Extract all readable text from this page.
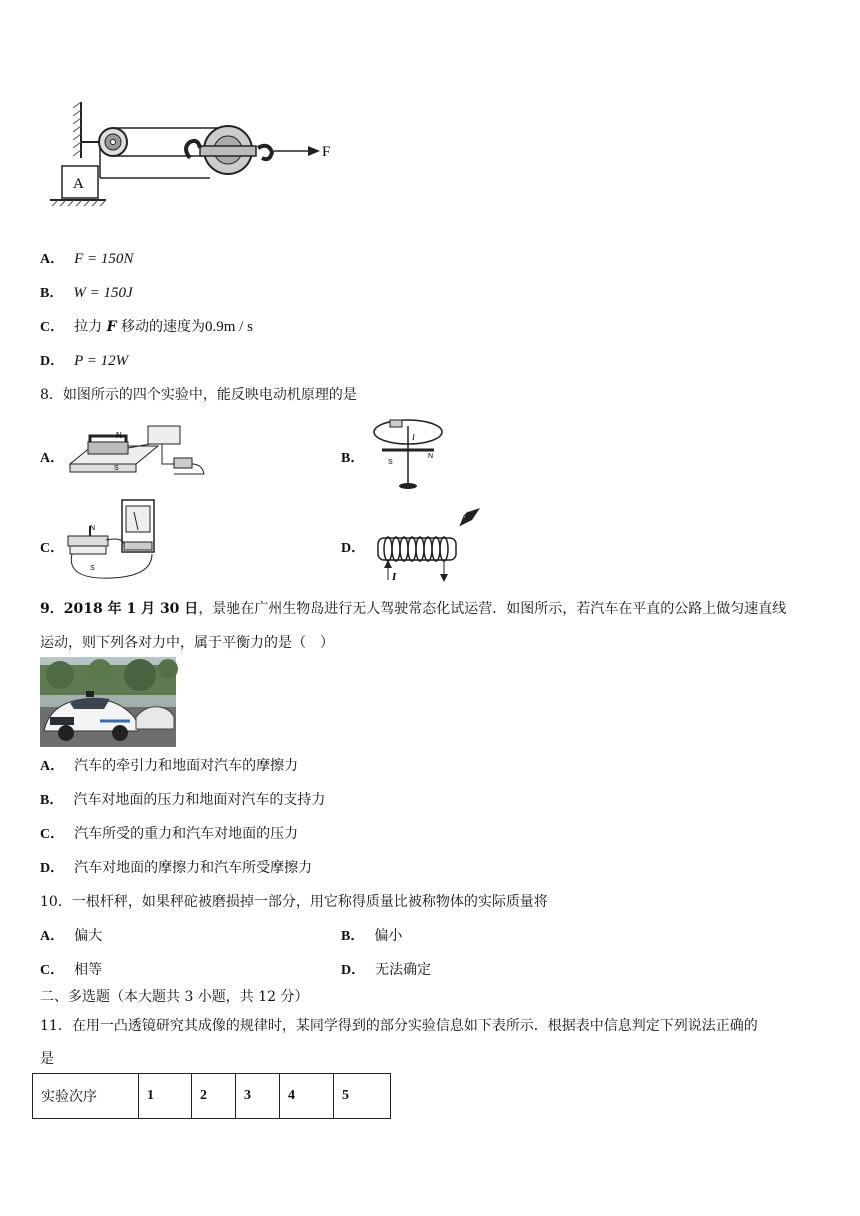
F
A
A． F = 150N
B． W = 150J
C． 拉力 F 移动的速度为0.9m / s
D． P = 12W
8．如图所示的四个实验中，能反映电动机原理的是
A．
N
S
B．	S
N
I
C．
N
S
D．
I
9．2018 年 1 月 30 日，景驰在广州生物岛进行无人驾驶常态化试运营．如图所示，若汽车在平直的公路上做匀速直线
运动，则下列各对力中，属于平衡力的是（　）
A． 汽车的牵引力和地面对汽车的摩擦力
B． 汽车对地面的压力和地面对汽车的支持力
C． 汽车所受的重力和汽车对地面的压力
D． 汽车对地面的摩擦力和汽车所受摩擦力
10．一根杆秤，如果秤砣被磨损掉一部分，用它称得质量比被称物体的实际质量将
A． 偏大	B． 偏小
C． 相等	D． 无法确定
二、多选题（本大题共 3 小题，共 12 分）
11．在用一凸透镜研究其成像的规律时，某同学得到的部分实验信息如下表所示．根据表中信息判定下列说法正确的
是
实验次序	1	2	3	4	5
